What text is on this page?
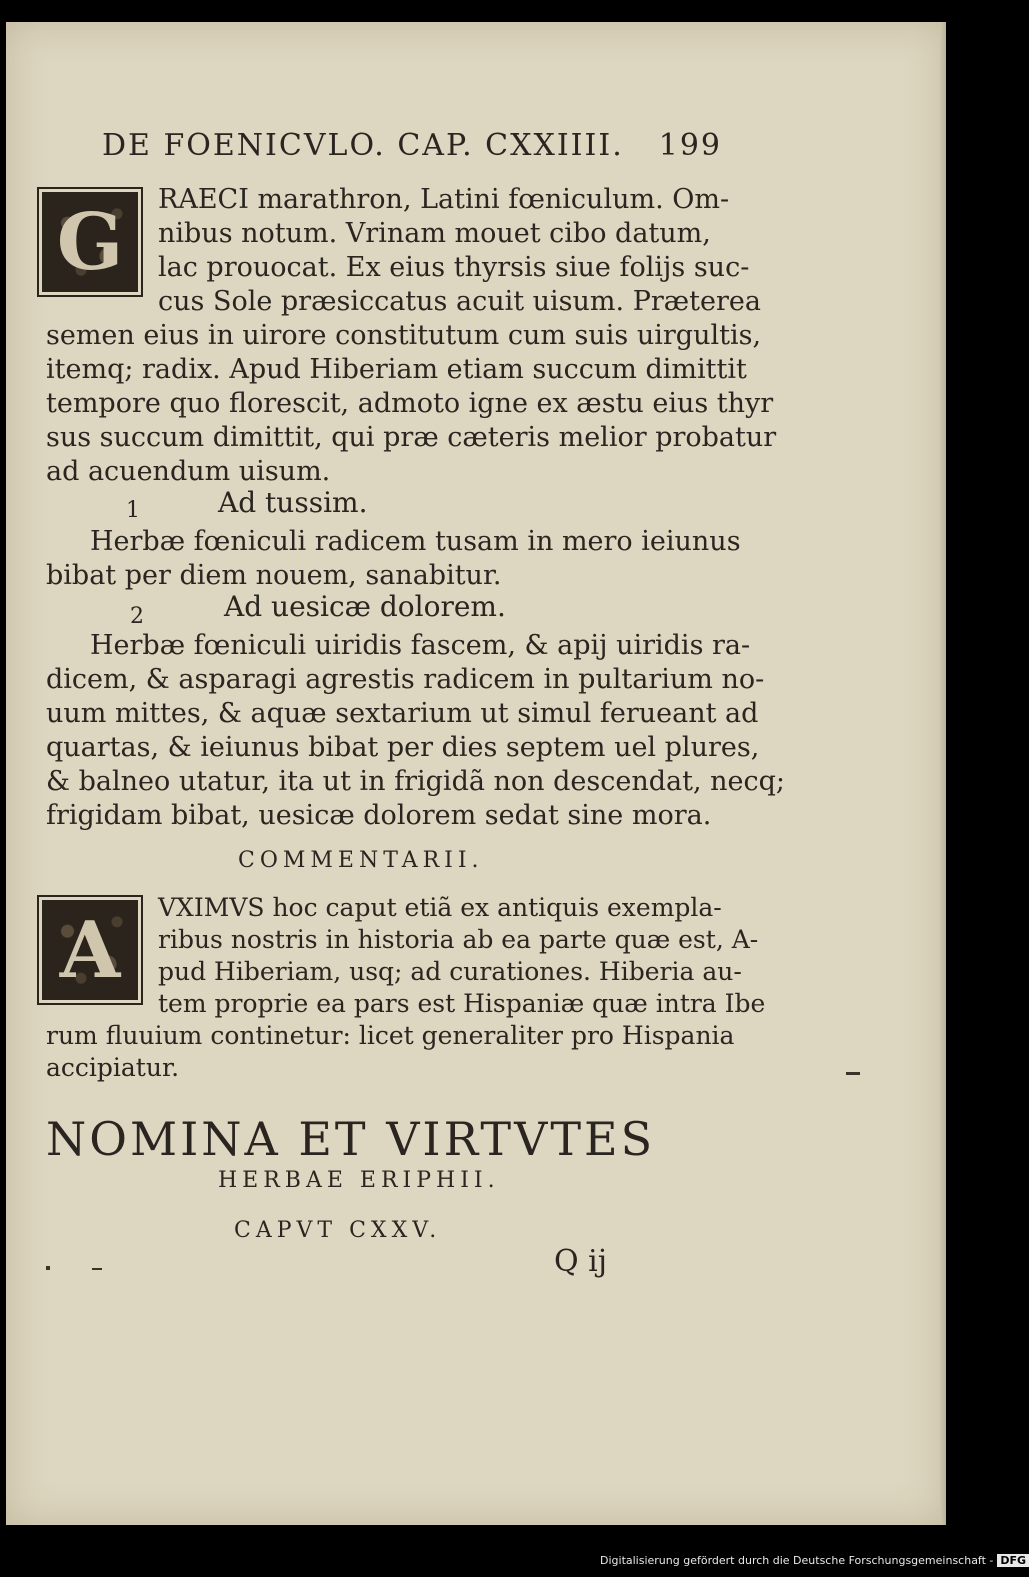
DE FOENICVLO. CAP. CXXIIII. 199
G RAECI marathron, Latini fœniculum. Om-
nibus notum. Vrinam mouet cibo datum,
lac prouocat. Ex eius thyrsis siue folijs suc-
cus Sole præsiccatus acuit uisum. Præterea
semen eius in uirore constitutum cum suis uirgultis,
itemq; radix. Apud Hiberiam etiam succum dimittit
tempore quo florescit, admoto igne ex æstu eius thyr
sus succum dimittit, qui præ cæteris melior probatur
ad acuendum uisum.
1	Ad tussim.
Herbæ fœniculi radicem tusam in mero ieiunus
bibat per diem nouem, sanabitur.
2	Ad uesicæ dolorem.
Herbæ fœniculi uiridis fascem, & apij uiridis ra-
dicem, & asparagi agrestis radicem in pultarium no-
uum mittes, & aquæ sextarium ut simul ferueant ad
quartas, & ieiunus bibat per dies septem uel plures,
& balneo utatur, ita ut in frigidã non descendat, necq;
frigidam bibat, uesicæ dolorem sedat sine mora.
COMMENTARII.
A VXIMVS hoc caput etiã ex antiquis exempla-
ribus nostris in historia ab ea parte quæ est, A-
pud Hiberiam, usq; ad curationes. Hiberia au-
tem proprie ea pars est Hispaniæ quæ intra Ibe
rum fluuium continetur: licet generaliter pro Hispania
accipiatur.
NOMINA ET VIRTVTES
HERBAE ERIPHII.
CAPVT CXXV.
Q ij
Digitalisierung gefördert durch die Deutsche Forschungsgemeinschaft - DFG
